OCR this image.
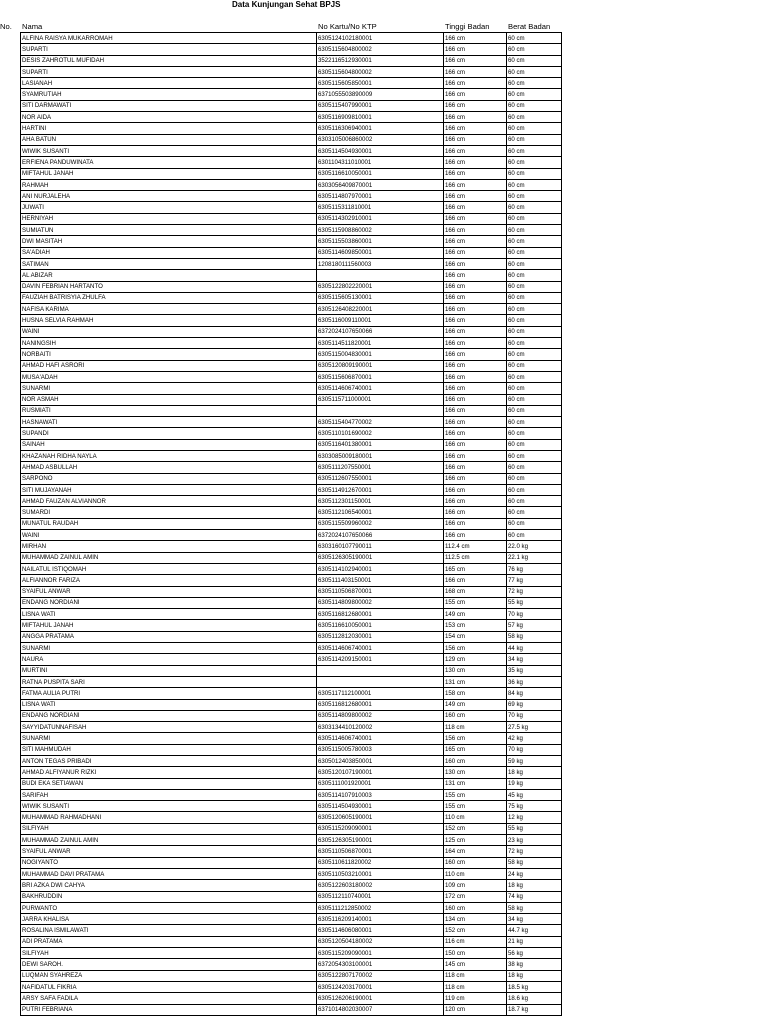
Data Kunjungan Sehat BPJS
No. Nama	No Kartu/No KTP	Tinggi Badan Berat Badan
ALFINA RAISYA MUKARROMAH	6305124102180001	166 cm	60 cm
SUPARTI	6305115604800002	166 cm	60 cm
DESIS ZAHROTUL MUFIDAH	3522116512930001	166 cm	60 cm
SUPARTI	6305115604800002	166 cm	60 cm
LASIANAH	6305115605850001	166 cm	60 cm
SYAMRUTIAH	6371055503890009	166 cm	60 cm
SITI DARMAWATI	6305115407990001	166 cm	60 cm
NOR AIDA	6305116909810001	166 cm	60 cm
HARTINI	6305116306940001	166 cm	60 cm
AHA BATUN	6303105006860002	166 cm	60 cm
WIWIK SUSANTI	6305114504930001	166 cm	60 cm
ERFIENA PANDUWINATA	6301104311010001	166 cm	60 cm
MIFTAHUL JANAH	6305116610050001	166 cm	60 cm
RAHMAH	6303056409870001	166 cm	60 cm
ANI NURJALEHA	6305114807970001	166 cm	60 cm
JUWATI	6305115311810001	166 cm	60 cm
HERNIYAH	6305114302910001	166 cm	60 cm
SUMIATUN	6305115908860002	166 cm	60 cm
DWI MASITAH	6305115503860001	166 cm	60 cm
SA'ADIAH	6305114609850001	166 cm	60 cm
SATIMAN	1208180111560003	166 cm	60 cm
AL ABIZAR		166 cm	60 cm
DAVIN FEBRIAN HARTANTO	6305122802220001	166 cm	60 cm
FAUZIAH BATRISYIA ZHULFA	6305115605130001	166 cm	60 cm
NAFISA KARIMA	6305126408220001	166 cm	60 cm
HUSNA SELVIA RAHMAH	6305116009110001	166 cm	60 cm
WAINI	6372024107650066	166 cm	60 cm
NANINGSIH	6305114511820001	166 cm	60 cm
NORBAITI	6305115004830001	166 cm	60 cm
AHMAD HAFI ASRORI	6305120809190001	166 cm	60 cm
MUSA'ADAH	6305115606870001	166 cm	60 cm
SUNARMI	6305114606740001	166 cm	60 cm
NOR ASMAH	6305115711000001	166 cm	60 cm
RUSMIATI		166 cm	60 cm
HASNAWATI	6305115404770002	166 cm	60 cm
SUPANDI	6305110101690002	166 cm	60 cm
SAINAH	6305116401380001	166 cm	60 cm
KHAZANAH RIDHA NAYLA	6303085009180001	166 cm	60 cm
AHMAD ASBULLAH	6305111207550001	166 cm	60 cm
SARPONO	6305112607550001	166 cm	60 cm
SITI MUJAYANAH	6305114912670001	166 cm	60 cm
AHMAD FAUZAN ALVIANNOR	6305112301150001	166 cm	60 cm
SUMARDI	6305112106540001	166 cm	60 cm
MUNATUL RAUDAH	6305115509960002	166 cm	60 cm
WAINI	6372024107650066	166 cm	60 cm
MIRHAN	6303160107790011	112.4 cm	22.0 kg
MUHAMMAD ZAINUL AMIN	6305126305190001	112.5 cm	22.1 kg
NAILATUL ISTIQOMAH	6305114102940001	165 cm	76 kg
ALFIANNOR FARIZA	6305111403150001	166 cm	77 kg
SYAIFUL ANWAR	6305110506870001	168 cm	72 kg
ENDANG NORDIANI	6305114809800002	155 cm	55 kg
LISNA WATI	6305116812680001	149 cm	70 kg
MIFTAHUL JANAH	6305116610050001	153 cm	57 kg
ANGGA PRATAMA	6305112812030001	154 cm	58 kg
SUNARMI	6305114606740001	156 cm	44 kg
NAURA	6305114209150001	129 cm	34 kg
MURTINI		130 cm	35 kg
RATNA PUSPITA SARI		131 cm	36 kg
FATMA AULIA PUTRI	6305117112100001	158 cm	84 kg
LISNA WATI	6305116812680001	149 cm	69 kg
ENDANG NORDIANI	6305114809800002	160 cm	70 kg
SAYYIDATUNNAFISAH	6303134410120002	118 cm	27.5 kg
SUNARMI	6305114606740001	156 cm	42 kg
SITI MAHMUDAH	6305115005780003	165 cm	70 kg
ANTON TEGAS PRIBADI	6305012403850001	160 cm	59 kg
AHMAD ALFIYANUR RIZKI	6305120107190001	130 cm	18 kg
BUDI EKA SETIAWAN	6305111001920001	131 cm	19 kg
SARIFAH	6305114107910003	155 cm	45 kg
WIWIK SUSANTI	6305114504930001	155 cm	75 kg
MUHAMMAD RAHMADHANI	6305120605190001	110 cm	12 kg
SILFIYAH	6305115209090001	152 cm	55 kg
MUHAMMAD ZAINUL AMIN	6305126305190001	125 cm	23 kg
SYAIFUL ANWAR	6305110506870001	164 cm	72 kg
NOGIYANTO	6305110611820002	160 cm	58 kg
MUHAMMAD DAVI PRATAMA	6305110503210001	110 cm	24 kg
BRI AZKA DWI CAHYA	6305122603180002	109 cm	18 kg
BAKHRUDDIN	6305112110740001	172 cm	74 kg
PURWANTO	6305111212850002	160 cm	58 kg
JARRA KHALISA	6305116209140001	134 cm	34 kg
ROSALINA ISMILAWATI	6305114606080001	152 cm	44.7 kg
ADI PRATAMA	6305120504180002	116 cm	21 kg
SILFIYAH	6305115209090001	150 cm	56 kg
DEWI SAROH.	6372054303100001	145 cm	38 kg
LUQMAN SYAHREZA	6305122807170002	118 cm	18 kg
NAFIDATUL FIKRIA	6305124203170001	118 cm	18.5 kg
ARSY SAFA FADILA	6305126206190001	119 cm	18.6 kg
PUTRI FEBRIANA	6371014802030007	120 cm	18.7 kg
